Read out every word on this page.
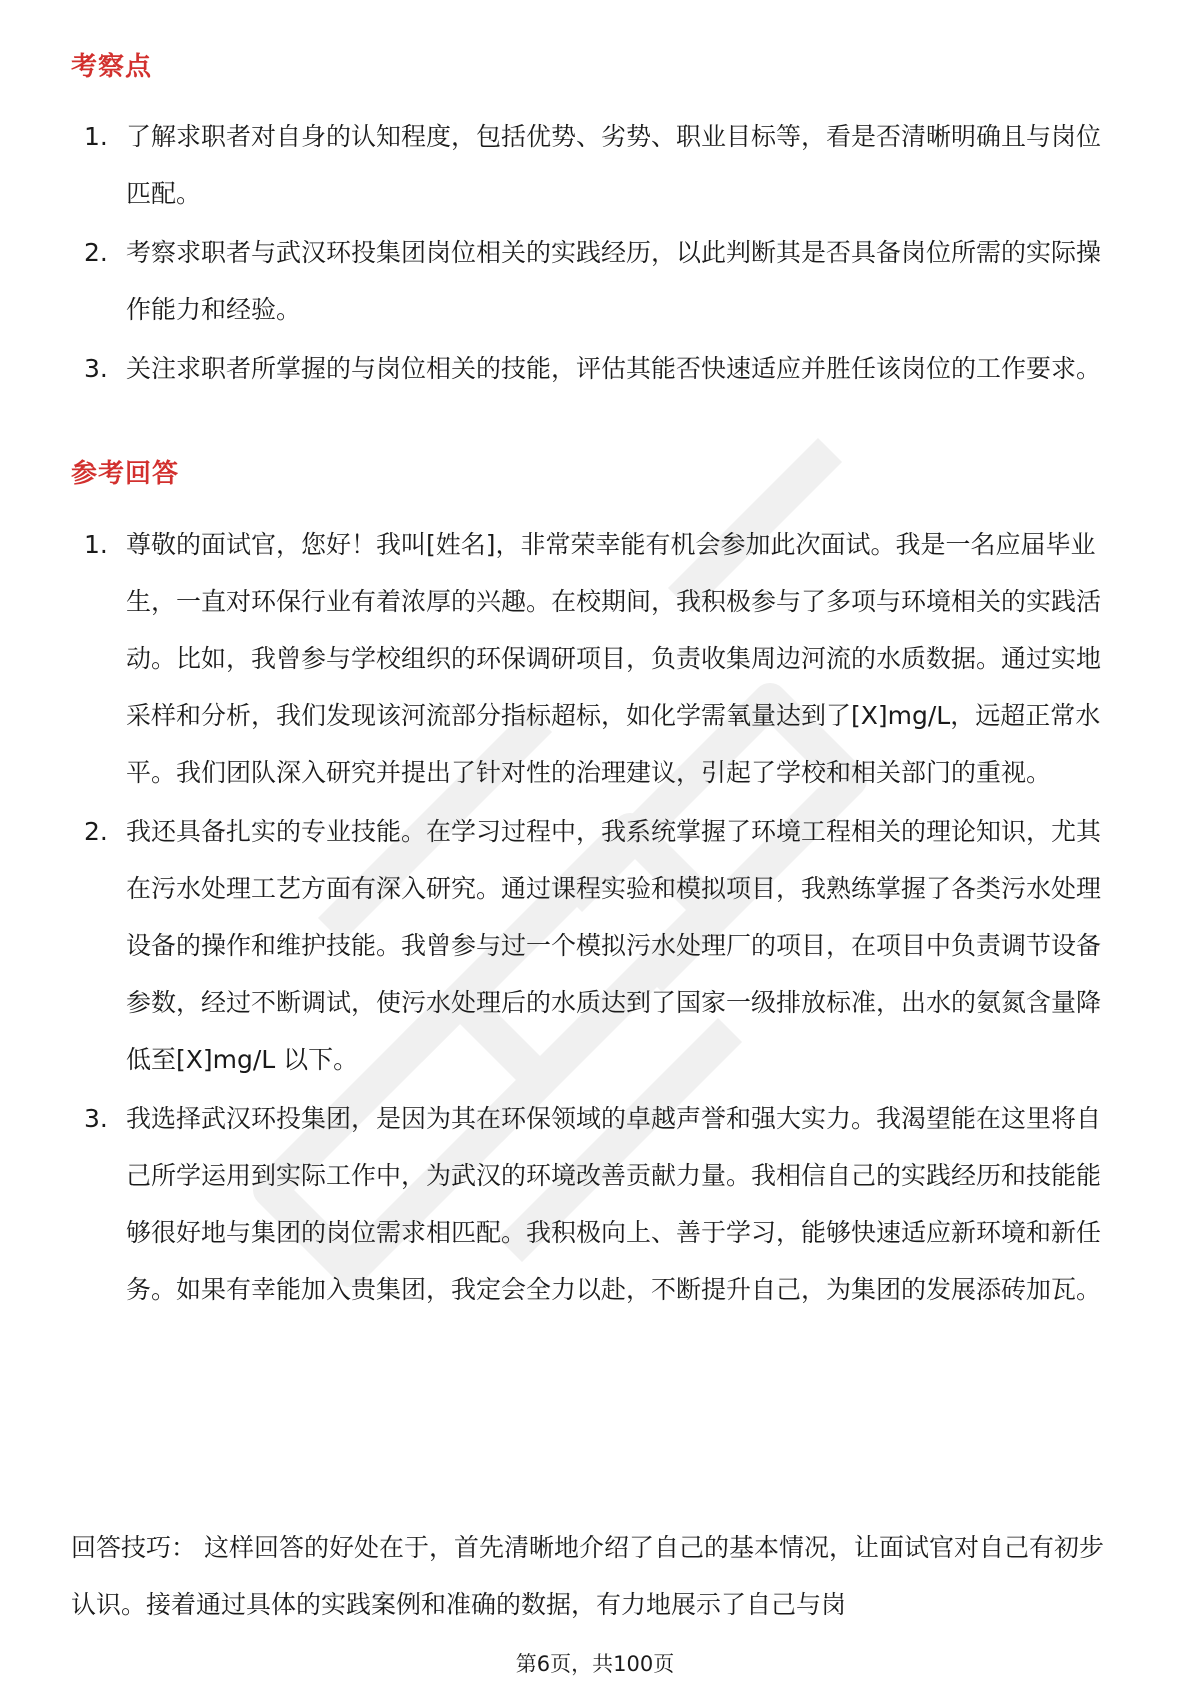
考察点
1. 了解求职者对自身的认知程度，包括优势、劣势、职业目标等，看是否清晰明确且与岗位匹配。
2. 考察求职者与武汉环投集团岗位相关的实践经历，以此判断其是否具备岗位所需的实际操作能力和经验。
3. 关注求职者所掌握的与岗位相关的技能，评估其能否快速适应并胜任该岗位的工作要求。
参考回答
1. 尊敬的面试官，您好！我叫[姓名]，非常荣幸能有机会参加此次面试。我是一名应届毕业生，一直对环保行业有着浓厚的兴趣。在校期间，我积极参与了多项与环境相关的实践活动。比如，我曾参与学校组织的环保调研项目，负责收集周边河流的水质数据。通过实地采样和分析，我们发现该河流部分指标超标，如化学需氧量达到了[X]mg/L，远超正常水平。我们团队深入研究并提出了针对性的治理建议，引起了学校和相关部门的重视。
2. 我还具备扎实的专业技能。在学习过程中，我系统掌握了环境工程相关的理论知识，尤其在污水处理工艺方面有深入研究。通过课程实验和模拟项目，我熟练掌握了各类污水处理设备的操作和维护技能。我曾参与过一个模拟污水处理厂的项目，在项目中负责调节设备参数，经过不断调试，使污水处理后的水质达到了国家一级排放标准，出水的氨氮含量降低至[X]mg/L 以下。
3. 我选择武汉环投集团，是因为其在环保领域的卓越声誉和强大实力。我渴望能在这里将自己所学运用到实际工作中，为武汉的环境改善贡献力量。我相信自己的实践经历和技能能够很好地与集团的岗位需求相匹配。我积极向上、善于学习，能够快速适应新环境和新任务。如果有幸能加入贵集团，我定会全力以赴，不断提升自己，为集团的发展添砖加瓦。
回答技巧： 这样回答的好处在于，首先清晰地介绍了自己的基本情况，让面试官对自己有初步认识。接着通过具体的实践案例和准确的数据，有力地展示了自己与岗
第6页，共100页
